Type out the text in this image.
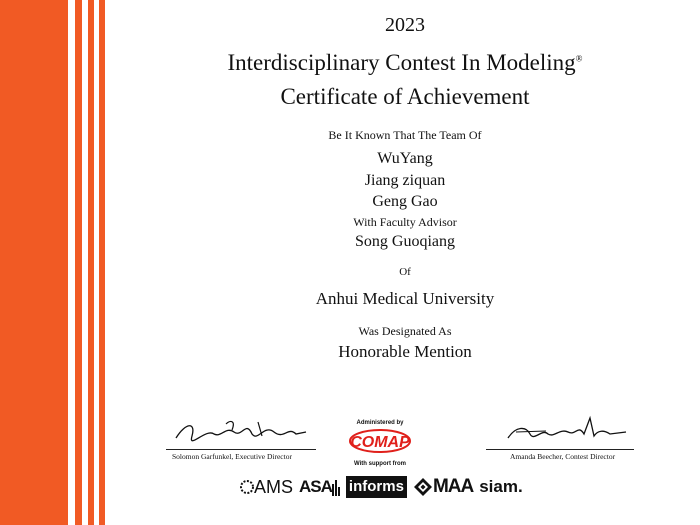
2023
Interdisciplinary Contest In Modeling®
Certificate of Achievement
Be It Known That The Team Of
WuYang
Jiang ziquan
Geng Gao
With Faculty Advisor
Song Guoqiang
Of
Anhui Medical University
Was Designated As
Honorable Mention
Solomon Garfunkel, Executive Director
Administered by
COMAP
With support from
Amanda Beecher, Contest Director
AMS ASA informs MAA siam.
